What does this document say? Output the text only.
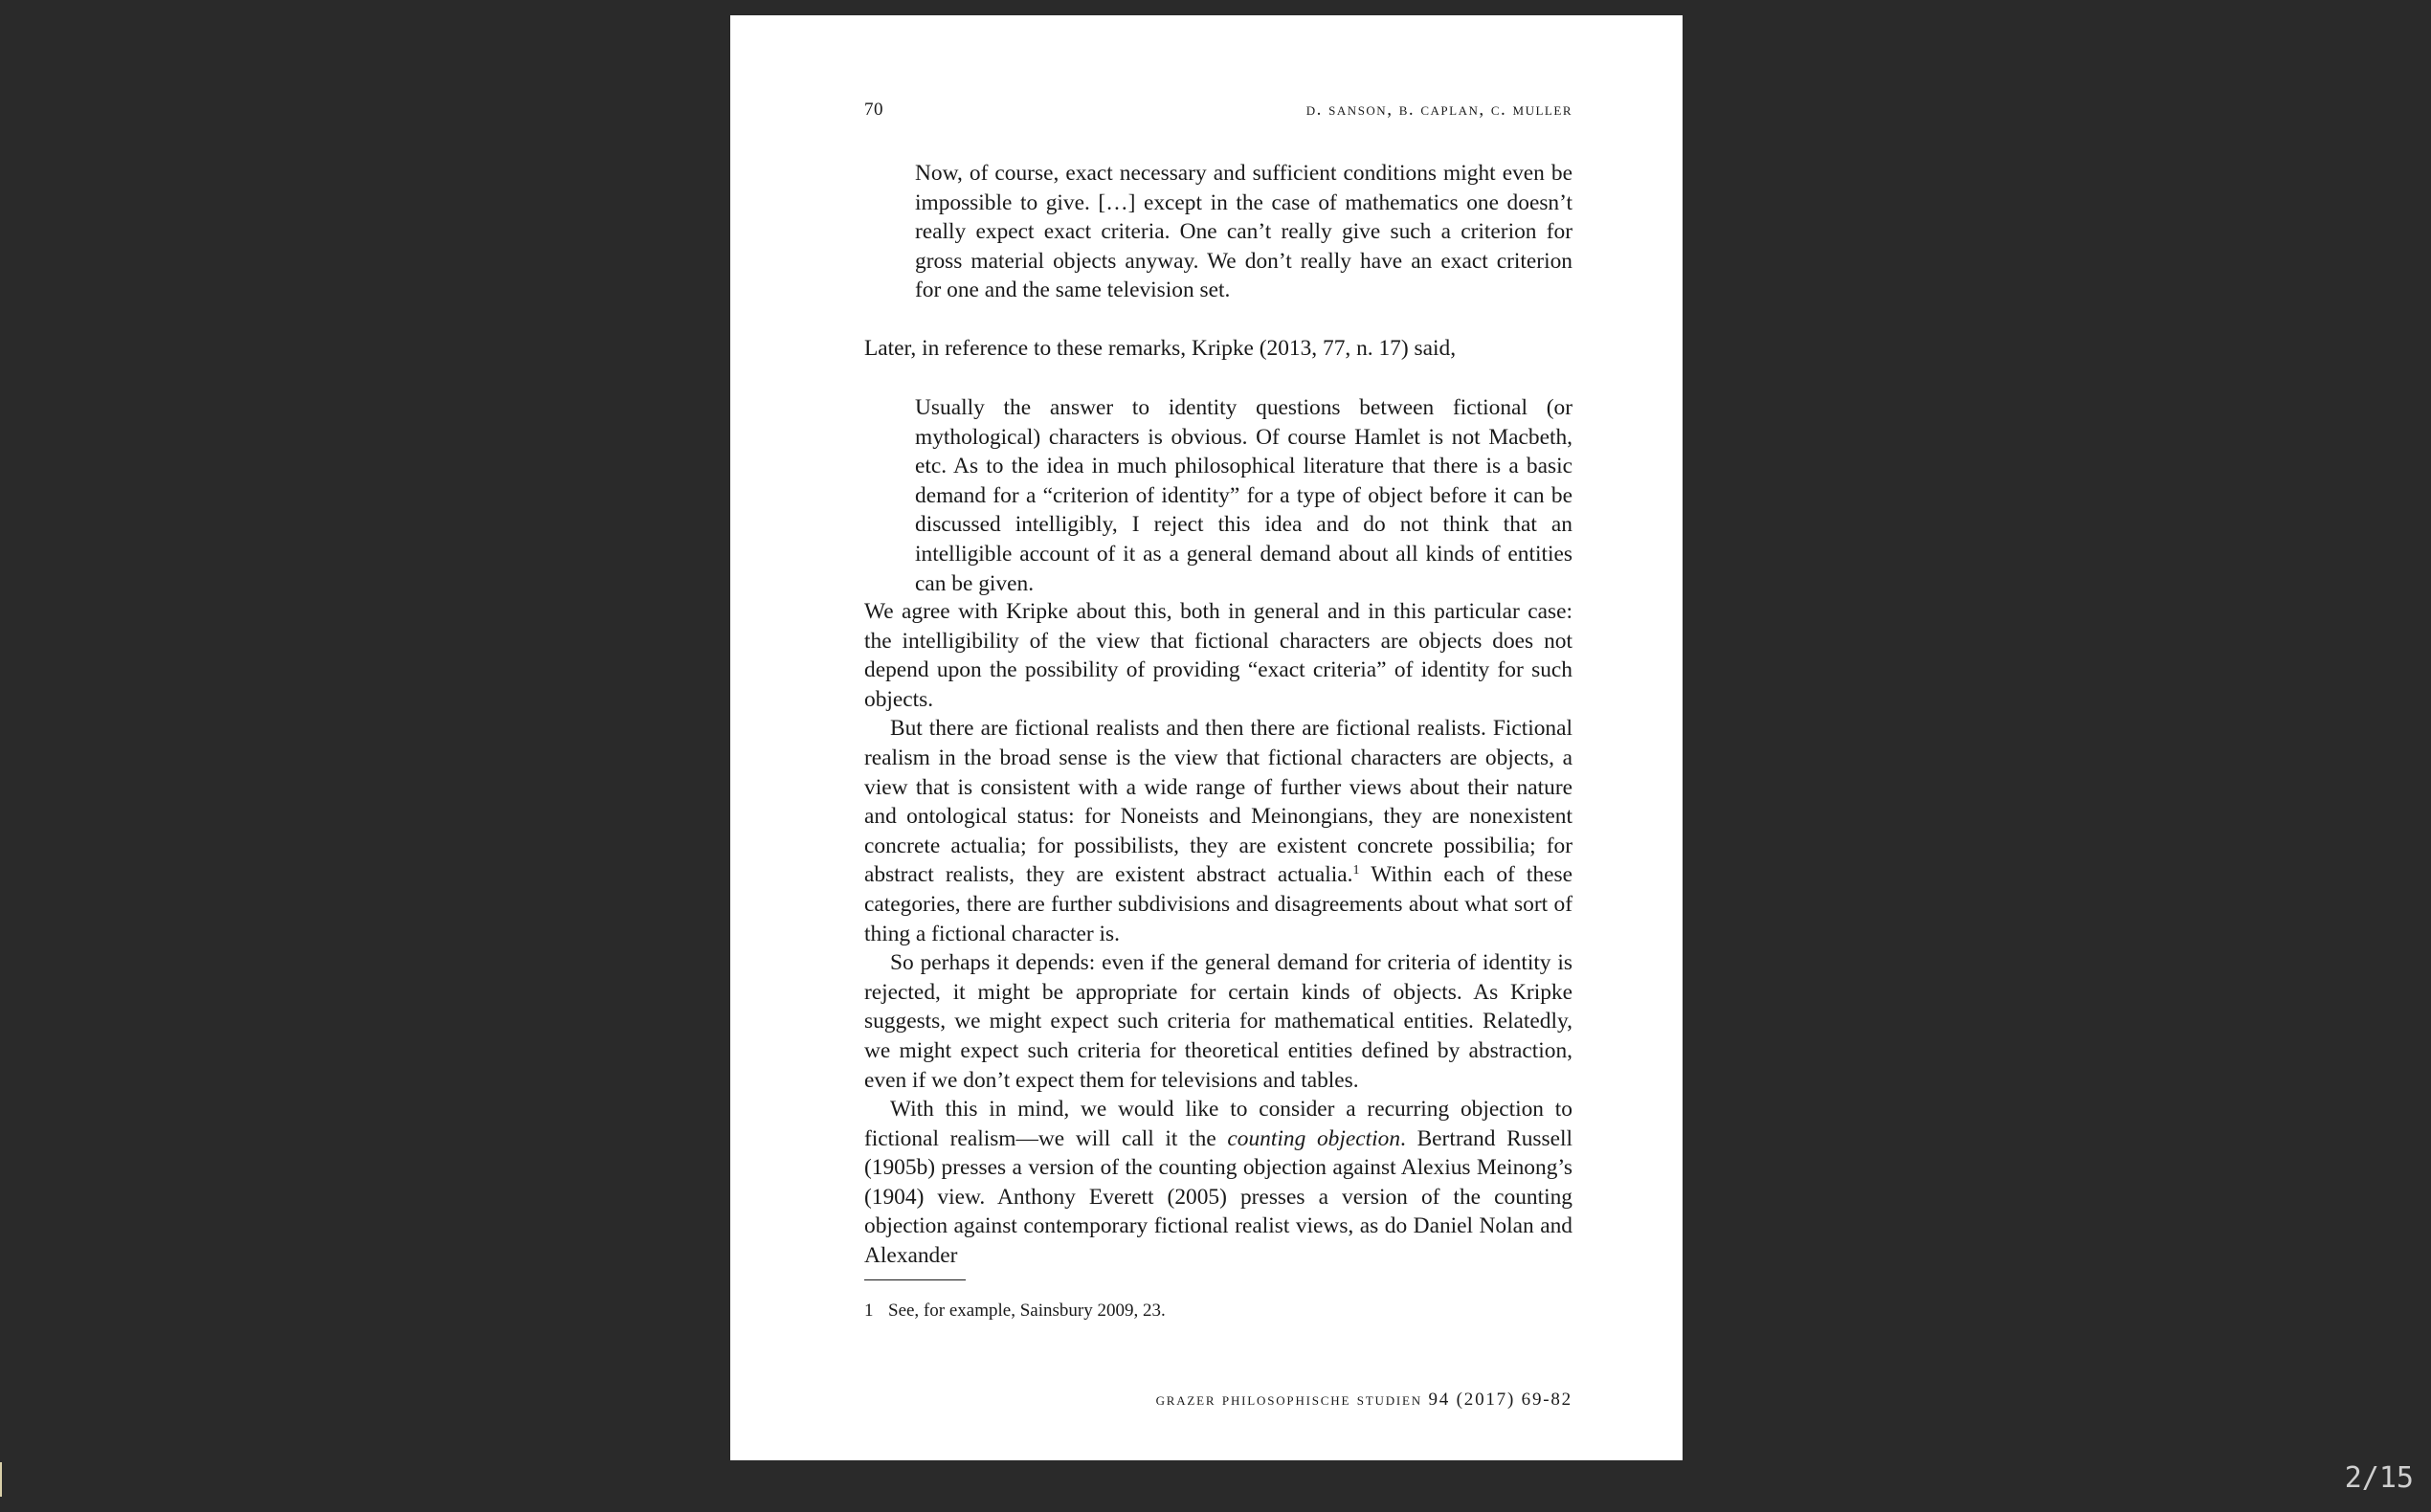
70	d. sanson, b. caplan, c. muller
Now, of course, exact necessary and sufficient conditions might even be impossible to give. […] except in the case of mathematics one doesn’t really expect exact criteria. One can’t really give such a criterion for gross material objects anyway. We don’t really have an exact criterion for one and the same television set.
Later, in reference to these remarks, Kripke (2013, 77, n. 17) said,
Usually the answer to identity questions between fictional (or mythological) characters is obvious. Of course Hamlet is not Macbeth, etc. As to the idea in much philosophical literature that there is a basic demand for a “criterion of identity” for a type of object before it can be discussed intelligibly, I reject this idea and do not think that an intelligible account of it as a general demand about all kinds of entities can be given.

We agree with Kripke about this, both in general and in this particular case: the intelligibility of the view that fictional characters are objects does not depend upon the possibility of providing “exact criteria” of identity for such objects.

But there are fictional realists and then there are fictional realists. Fictional realism in the broad sense is the view that fictional characters are objects, a view that is consistent with a wide range of further views about their nature and ontological status: for Noneists and Meinongians, they are nonexistent concrete actualia; for possibilists, they are existent concrete possibilia; for abstract realists, they are existent abstract actualia.$^1$ Within each of these categories, there are further subdivisions and disagreements about what sort of thing a fictional character is.

So perhaps it depends: even if the general demand for criteria of identity is rejected, it might be appropriate for certain kinds of objects. As Kripke suggests, we might expect such criteria for mathematical entities. Relatedly, we might expect such criteria for theoretical entities defined by abstraction, even if we don’t expect them for televisions and tables.

With this in mind, we would like to consider a recurring objection to fictional realism—we will call it the counting objection. Bertrand Russell (1905b) presses a version of the counting objection against Alexius Meinong’s (1904) view. Anthony Everett (2005) presses a version of the counting objection against contemporary fictional realist views, as do Daniel Nolan and Alexander

1 See, for example, Sainsbury 2009, 23.
grazer philosophische studien 94 (2017) 69-82
2/15
